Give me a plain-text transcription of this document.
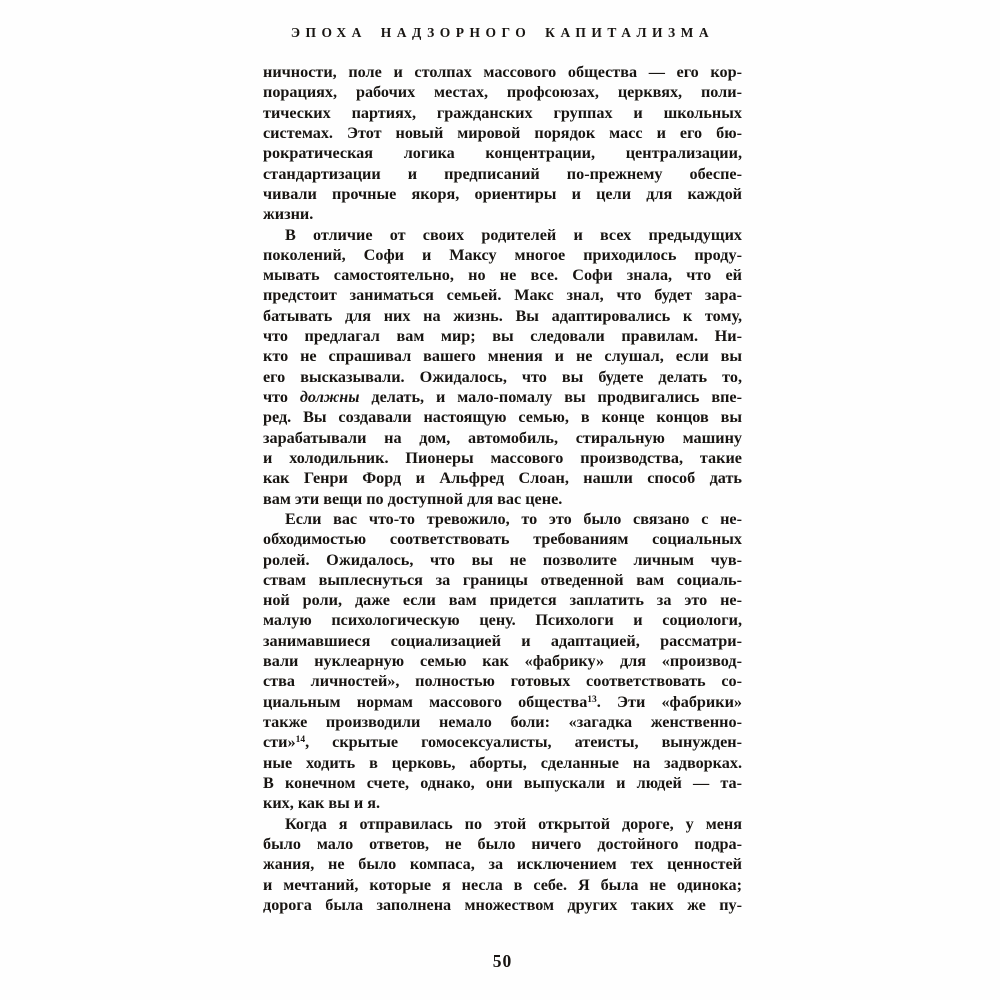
ЭПОХА НАДЗОРНОГО КАПИТАЛИЗМА
ничности, поле и столпах массового общества — его кор-
порациях, рабочих местах, профсоюзах, церквях, поли-
тических партиях, гражданских группах и школьных
системах. Этот новый мировой порядок масс и его бю-
рократическая логика концентрации, централизации,
стандартизации и предписаний по-прежнему обеспе-
чивали прочные якоря, ориентиры и цели для каждой
жизни.
В отличие от своих родителей и всех предыдущих
поколений, Софи и Максу многое приходилось проду-
мывать самостоятельно, но не все. Софи знала, что ей
предстоит заниматься семьей. Макс знал, что будет зара-
батывать для них на жизнь. Вы адаптировались к тому,
что предлагал вам мир; вы следовали правилам. Ни-
кто не спрашивал вашего мнения и не слушал, если вы
его высказывали. Ожидалось, что вы будете делать то,
что должны делать, и мало-помалу вы продвигались впе-
ред. Вы создавали настоящую семью, в конце концов вы
зарабатывали на дом, автомобиль, стиральную машину
и холодильник. Пионеры массового производства, такие
как Генри Форд и Альфред Слоан, нашли способ дать
вам эти вещи по доступной для вас цене.
Если вас что-то тревожило, то это было связано с не-
обходимостью соответствовать требованиям социальных
ролей. Ожидалось, что вы не позволите личным чув-
ствам выплеснуться за границы отведенной вам социаль-
ной роли, даже если вам придется заплатить за это не-
малую психологическую цену. Психологи и социологи,
занимавшиеся социализацией и адаптацией, рассматри-
вали нуклеарную семью как «фабрику» для «производ-
ства личностей», полностью готовых соответствовать со-
циальным нормам массового общества$^{13}$. Эти «фабрики»
также производили немало боли: «загадка женственно-
сти»$^{14}$, скрытые гомосексуалисты, атеисты, вынужден-
ные ходить в церковь, аборты, сделанные на задворках.
В конечном счете, однако, они выпускали и людей — та-
ких, как вы и я.
Когда я отправилась по этой открытой дороге, у меня
было мало ответов, не было ничего достойного подра-
жания, не было компаса, за исключением тех ценностей
и мечтаний, которые я несла в себе. Я была не одинока;
дорога была заполнена множеством других таких же пу-
50
